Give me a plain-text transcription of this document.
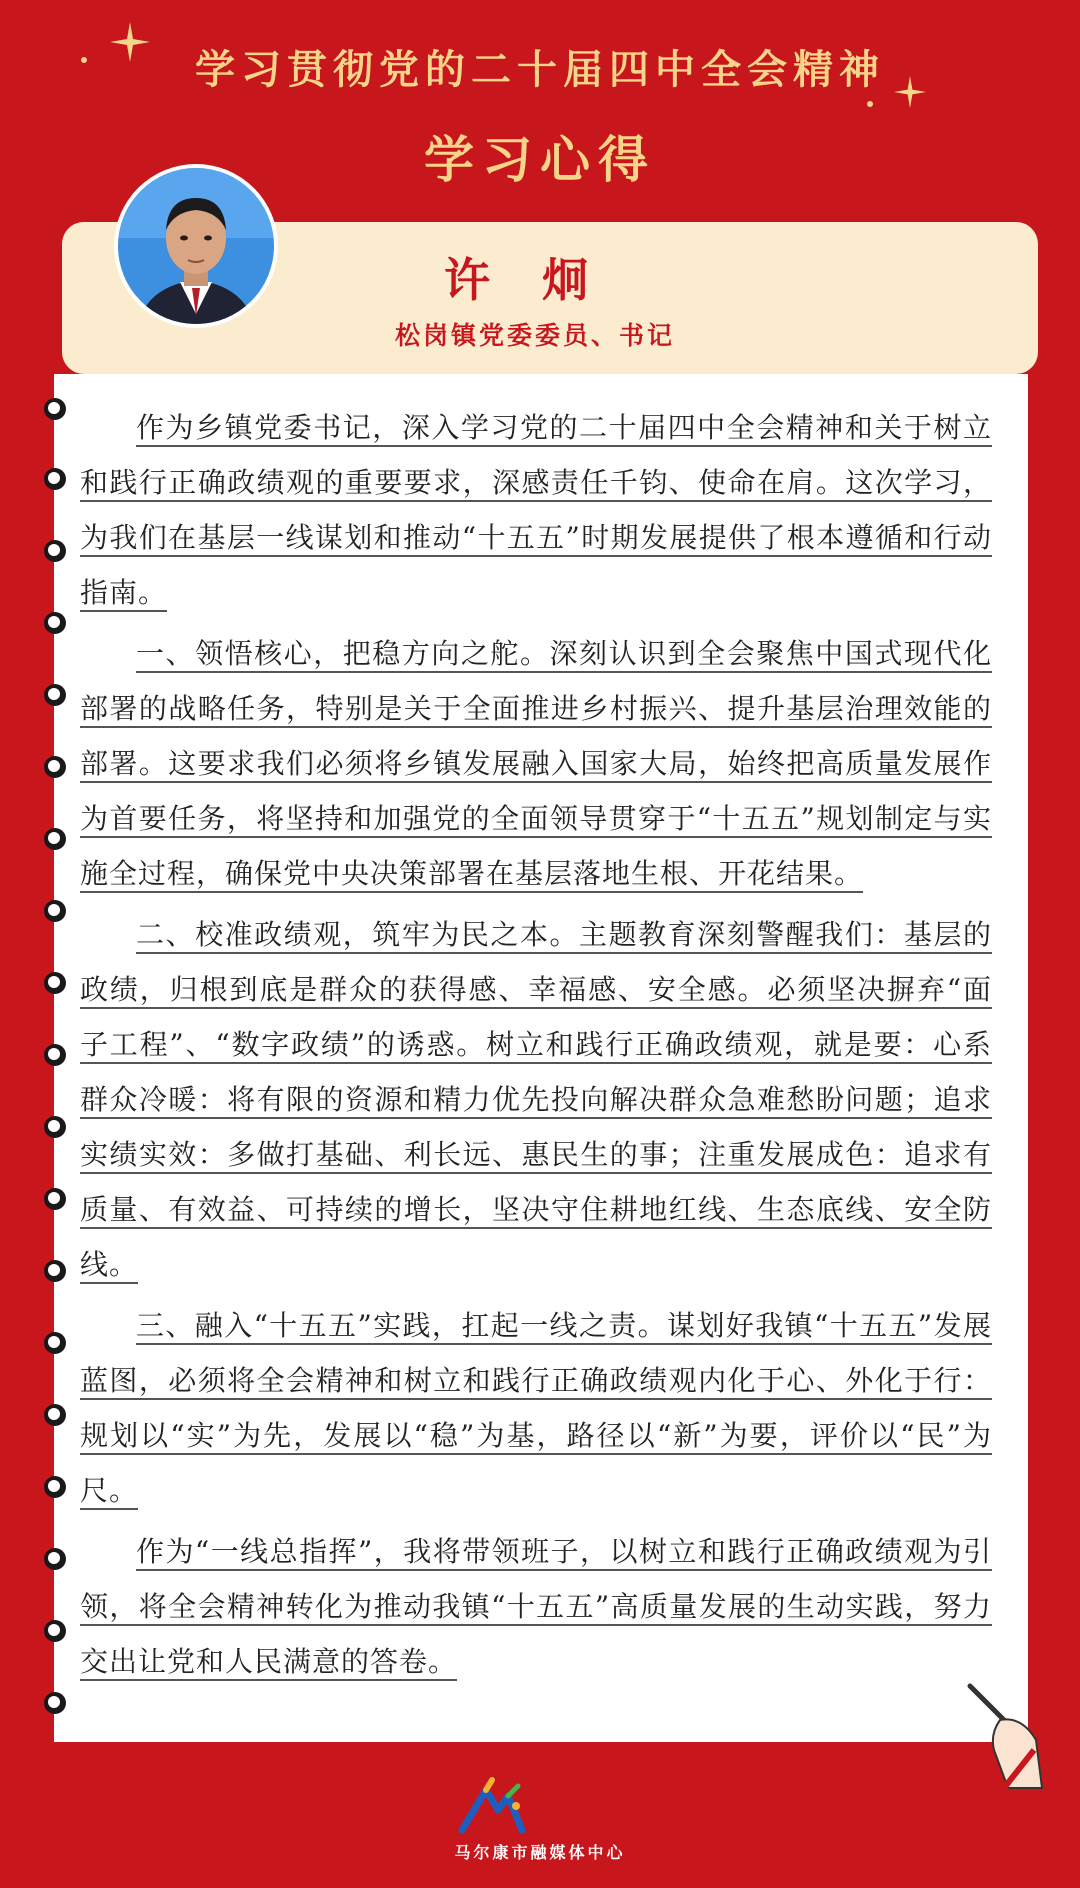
学习贯彻党的二十届四中全会精神
学习心得
许 炯
松岗镇党委委员、书记

作为乡镇党委书记，深入学习党的二十届四中全会精神和关于树立和践行正确政绩观的重要要求，深感责任千钧、使命在肩。这次学习，为我们在基层一线谋划和推动“十五五”时期发展提供了根本遵循和行动指南。

一、领悟核心，把稳方向之舵。深刻认识到全会聚焦中国式现代化部署的战略任务，特别是关于全面推进乡村振兴、提升基层治理效能的部署。这要求我们必须将乡镇发展融入国家大局，始终把高质量发展作为首要任务，将坚持和加强党的全面领导贯穿于“十五五”规划制定与实施全过程，确保党中央决策部署在基层落地生根、开花结果。

二、校准政绩观，筑牢为民之本。主题教育深刻警醒我们：基层的政绩，归根到底是群众的获得感、幸福感、安全感。必须坚决摒弃“面子工程”、“数字政绩”的诱惑。树立和践行正确政绩观，就是要：心系群众冷暖：将有限的资源和精力优先投向解决群众急难愁盼问题；追求实绩实效：多做打基础、利长远、惠民生的事；注重发展成色：追求有质量、有效益、可持续的增长，坚决守住耕地红线、生态底线、安全防线。

三、融入“十五五”实践，扛起一线之责。谋划好我镇“十五五”发展蓝图，必须将全会精神和树立和践行正确政绩观内化于心、外化于行：规划以“实”为先，发展以“稳”为基，路径以“新”为要，评价以“民”为尺。

作为“一线总指挥”，我将带领班子，以树立和践行正确政绩观为引领，将全会精神转化为推动我镇“十五五”高质量发展的生动实践，努力交出让党和人民满意的答卷。

马尔康市融媒体中心
